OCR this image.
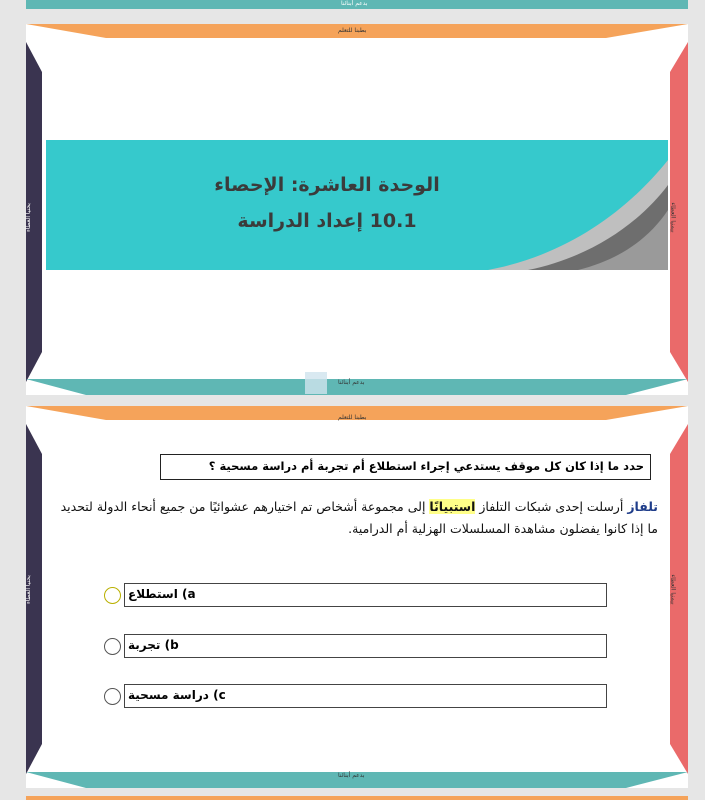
بدعم أبنائنا
بطبنا للتعلم
بحنيا العطاء	بيمنيا العطاء
الوحدة العاشرة: الإحصاء
10.1 إعداد الدراسة
بدعم أبنائنا
بطبنا للتعلم
بحنيا العطاء	بيمنيا العطاء
حدد ما إذا كان كل موقف يستدعي إجراء استطلاع أم تجربة أم دراسة مسحية ؟
تلفاز أرسلت إحدى شبكات التلفاز استبيانًا إلى مجموعة أشخاص تم اختيارهم عشوائيًا من جميع أنحاء الدولة لتحديد ما إذا كانوا يفضلون مشاهدة المسلسلات الهزلية أم الدرامية.
a) استطلاع
b) تجربة
c) دراسة مسحية
بدعم أبنائنا
